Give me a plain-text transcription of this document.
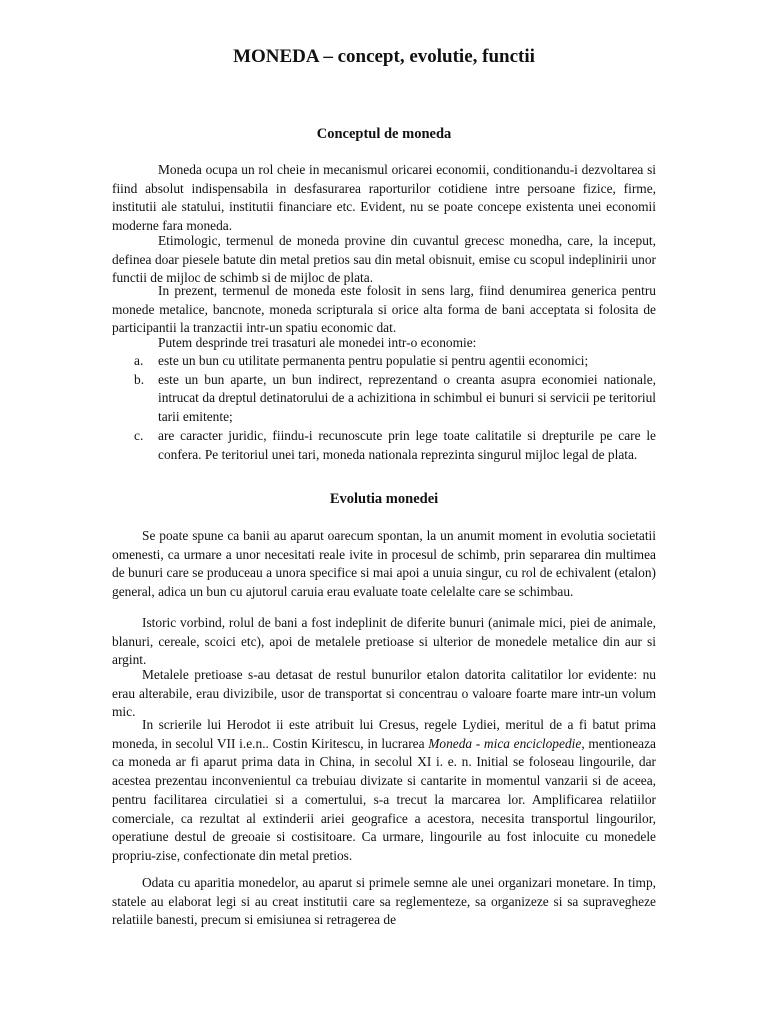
MONEDA – concept, evolutie, functii
Conceptul de moneda

Moneda ocupa un rol cheie in mecanismul oricarei economii, conditionandu-i dezvoltarea si fiind absolut indispensabila in desfasurarea raporturilor cotidiene intre persoane fizice, firme, institutii ale statului, institutii financiare etc. Evident, nu se poate concepe existenta unei economii moderne fara moneda.

Etimologic, termenul de moneda provine din cuvantul grecesc monedha, care, la inceput, definea doar piesele batute din metal pretios sau din metal obisnuit, emise cu scopul indeplinirii unor functii de mijloc de schimb si de mijloc de plata.

In prezent, termenul de moneda este folosit in sens larg, fiind denumirea generica pentru monede metalice, bancnote, moneda scripturala si orice alta forma de bani acceptata si folosita de participantii la tranzactii intr-un spatiu economic dat.

Putem desprinde trei trasaturi ale monedei intr-o economie:

a. este un bun cu utilitate permanenta pentru populatie si pentru agentii economici;
b. este un bun aparte, un bun indirect, reprezentand o creanta asupra economiei nationale, intrucat da dreptul detinatorului de a achizitiona in schimbul ei bunuri si servicii pe teritoriul tarii emitente;
c. are caracter juridic, fiindu-i recunoscute prin lege toate calitatile si drepturile pe care le confera. Pe teritoriul unei tari, moneda nationala reprezinta singurul mijloc legal de plata.
Evolutia monedei

Se poate spune ca banii au aparut oarecum spontan, la un anumit moment in evolutia societatii omenesti, ca urmare a unor necesitati reale ivite in procesul de schimb, prin separarea din multimea de bunuri care se produceau a unora specifice si mai apoi a unuia singur, cu rol de echivalent (etalon) general, adica un bun cu ajutorul caruia erau evaluate toate celelalte care se schimbau.

Istoric vorbind, rolul de bani a fost indeplinit de diferite bunuri (animale mici, piei de animale, blanuri, cereale, scoici etc), apoi de metalele pretioase si ulterior de monedele metalice din aur si argint.

Metalele pretioase s-au detasat de restul bunurilor etalon datorita calitatilor lor evidente: nu erau alterabile, erau divizibile, usor de transportat si concentrau o valoare foarte mare intr-un volum mic.

In scrierile lui Herodot ii este atribuit lui Cresus, regele Lydiei, meritul de a fi batut prima moneda, in secolul VII i.e.n.. Costin Kiritescu, in lucrarea Moneda - mica enciclopedie, mentioneaza ca moneda ar fi aparut prima data in China, in secolul XI i. e. n. Initial se foloseau lingourile, dar acestea prezentau inconvenientul ca trebuiau divizate si cantarite in momentul vanzarii si de aceea, pentru facilitarea circulatiei si a comertului, s-a trecut la marcarea lor. Amplificarea relatiilor comerciale, ca rezultat al extinderii ariei geografice a acestora, necesita transportul lingourilor, operatiune destul de greoaie si costisitoare. Ca urmare, lingourile au fost inlocuite cu monedele propriu-zise, confectionate din metal pretios.

Odata cu aparitia monedelor, au aparut si primele semne ale unei organizari monetare. In timp, statele au elaborat legi si au creat institutii care sa reglementeze, sa organizeze si sa supravegheze relatiile banesti, precum si emisiunea si retragerea de
